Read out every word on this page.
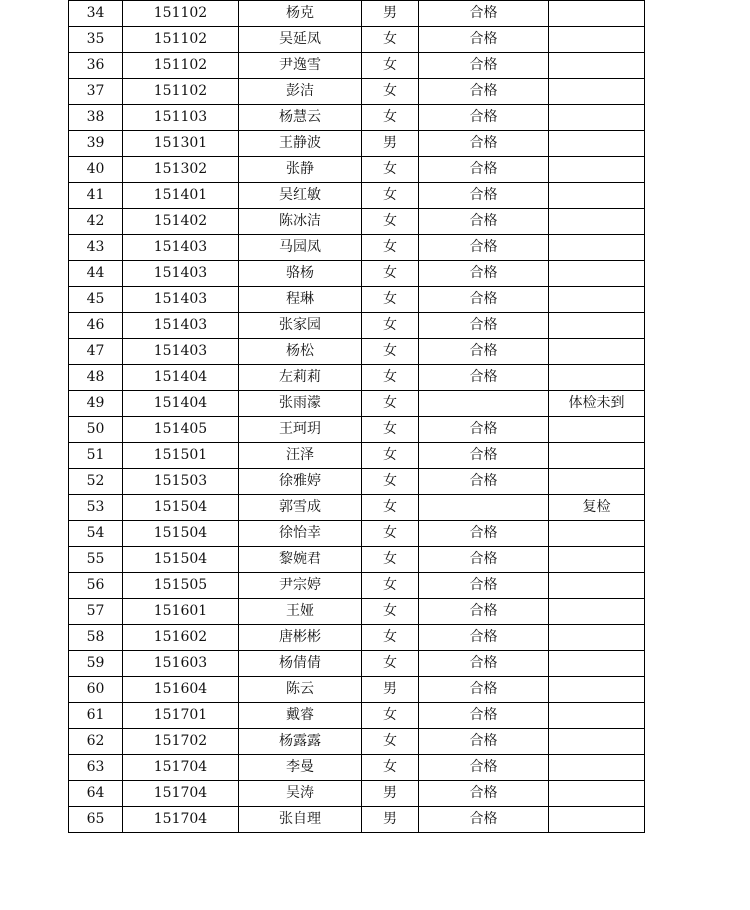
34	151102	杨克	男	合格	
35	151102	吴延凤	女	合格	
36	151102	尹逸雪	女	合格	
37	151102	彭洁	女	合格	
38	151103	杨慧云	女	合格	
39	151301	王静波	男	合格	
40	151302	张静	女	合格	
41	151401	吴红敏	女	合格	
42	151402	陈冰洁	女	合格	
43	151403	马园凤	女	合格	
44	151403	骆杨	女	合格	
45	151403	程琳	女	合格	
46	151403	张家园	女	合格	
47	151403	杨松	女	合格	
48	151404	左莉莉	女	合格	
49	151404	张雨濛	女		体检未到
50	151405	王珂玥	女	合格	
51	151501	汪泽	女	合格	
52	151503	徐雅婷	女	合格	
53	151504	郭雪成	女		复检
54	151504	徐怡幸	女	合格	
55	151504	黎婉君	女	合格	
56	151505	尹宗婷	女	合格	
57	151601	王娅	女	合格	
58	151602	唐彬彬	女	合格	
59	151603	杨倩倩	女	合格	
60	151604	陈云	男	合格	
61	151701	戴睿	女	合格	
62	151702	杨露露	女	合格	
63	151704	李曼	女	合格	
64	151704	吴涛	男	合格	
65	151704	张自理	男	合格	
